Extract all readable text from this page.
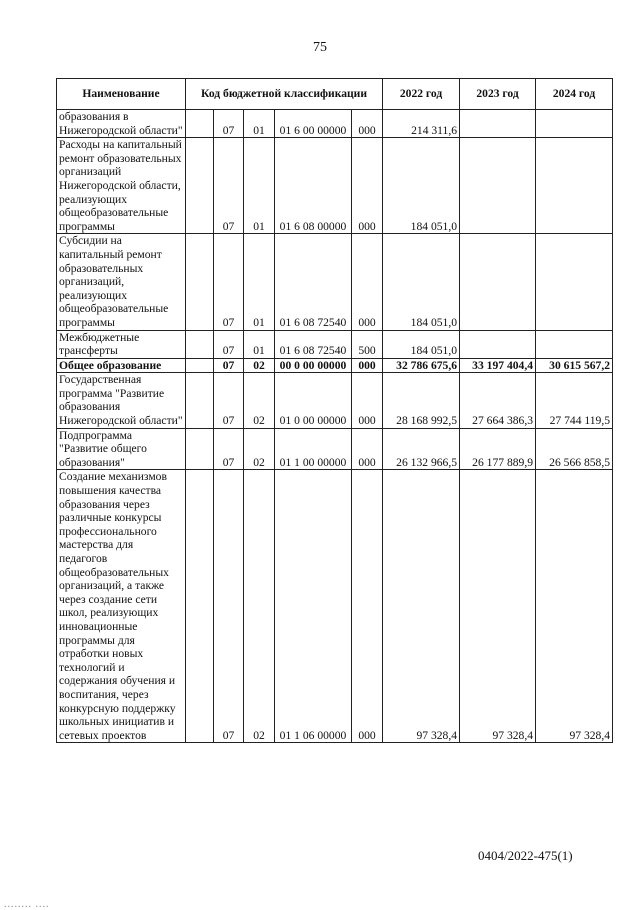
75
Наименование	Код бюджетной классификации					2022 год	2023 год	2024 год
образования в Нижегородской области"		07	01	01 6 00 00000	000	214 311,6		
Расходы на капитальный ремонт образовательных организаций Нижегородской области, реализующих общеобразовательные программы		07	01	01 6 08 00000	000	184 051,0		
Субсидии на капитальный ремонт образовательных организаций, реализующих общеобразовательные программы		07	01	01 6 08 72540	000	184 051,0		
Межбюджетные трансферты		07	01	01 6 08 72540	500	184 051,0		
Общее образование		07	02	00 0 00 00000	000	32 786 675,6	33 197 404,4	30 615 567,2
Государственная программа "Развитие образования Нижегородской области"		07	02	01 0 00 00000	000	28 168 992,5	27 664 386,3	27 744 119,5
Подпрограмма "Развитие общего образования"		07	02	01 1 00 00000	000	26 132 966,5	26 177 889,9	26 566 858,5
Создание механизмов повышения качества образования через различные конкурсы профессионального мастерства для педагогов общеобразовательных организаций, а также через создание сети школ, реализующих инновационные программы для отработки новых технологий и содержания обучения и воспитания, через конкурсную поддержку школьных инициатив и сетевых проектов		07	02	01 1 06 00000	000	97 328,4	97 328,4	97 328,4
0404/2022-475(1)
........ ....
